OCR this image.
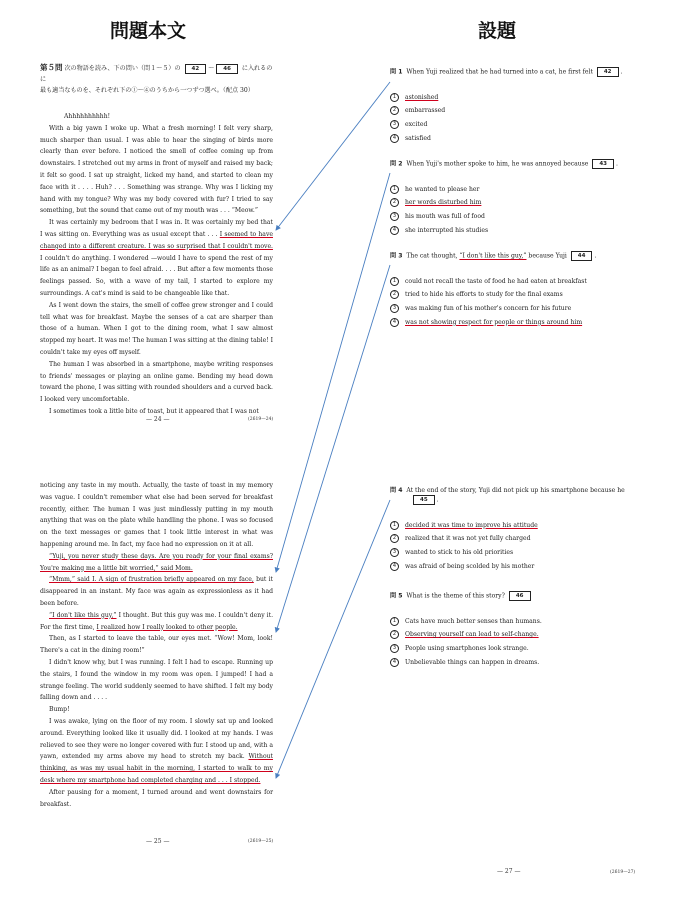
問題本文	設題
第５問 次の物語を読み、下の問い（問１～５）の 42 ～ 46 に入れるのに
最も適当なものを、それぞれ下の①～④のうちから一つずつ選べ。（配点 30）

Ahhhhhhhhhh!

With a big yawn I woke up. What a fresh morning! I felt very sharp, much sharper than usual. I was able to hear the singing of birds more clearly than ever before. I noticed the smell of coffee coming up from downstairs. I stretched out my arms in front of myself and raised my back; it felt so good. I sat up straight, licked my hand, and started to clean my face with it . . . . Huh? . . . Something was strange. Why was I licking my hand with my tongue? Why was my body covered with fur? I tried to say something, but the sound that came out of my mouth was . . . “Meow.”

It was certainly my bedroom that I was in. It was certainly my bed that I was sitting on. Everything was as usual except that . . . I seemed to have changed into a different creature. I was so surprised that I couldn't move. I couldn't do anything. I wondered —would I have to spend the rest of my life as an animal? I began to feel afraid. . . . But after a few moments those feelings passed. So, with a wave of my tail, I started to explore my surroundings. A cat's mind is said to be changeable like that.

As I went down the stairs, the smell of coffee grew stronger and I could tell what was for breakfast. Maybe the senses of a cat are sharper than those of a human. When I got to the dining room, what I saw almost stopped my heart. It was me! The human I was sitting at the dining table! I couldn't take my eyes off myself.

The human I was absorbed in a smartphone, maybe writing responses to friends' messages or playing an online game. Bending my head down toward the phone, I was sitting with rounded shoulders and a curved back. I looked very uncomfortable.

I sometimes took a little bite of toast, but it appeared that I was not

— 24 —	(2619—24)

noticing any taste in my mouth. Actually, the taste of toast in my memory was vague. I couldn't remember what else had been served for breakfast recently, either. The human I was just mindlessly putting in my mouth anything that was on the plate while handling the phone. I was so focused on the text messages or games that I took little interest in what was happening around me. In fact, my face had no expression on it at all.

“Yuji, you never study these days. Are you ready for your final exams? You're making me a little bit worried,” said Mom.

“Mmm,” said I. A sign of frustration briefly appeared on my face, but it disappeared in an instant. My face was again as expressionless as it had been before.

“I don't like this guy,” I thought. But this guy was me. I couldn't deny it. For the first time, I realized how I really looked to other people.

Then, as I started to leave the table, our eyes met. “Wow! Mom, look! There's a cat in the dining room!”

I didn't know why, but I was running. I felt I had to escape. Running up the stairs, I found the window in my room was open. I jumped! I had a strange feeling. The world suddenly seemed to have shifted. I felt my body falling down and . . . .

Bump!

I was awake, lying on the floor of my room. I slowly sat up and looked around. Everything looked like it usually did. I looked at my hands. I was relieved to see they were no longer covered with fur. I stood up and, with a yawn, extended my arms above my head to stretch my back. Without thinking, as was my usual habit in the morning, I started to walk to my desk where my smartphone had completed charging and . . . I stopped.

After pausing for a moment, I turned around and went downstairs for breakfast.

— 25 —	(2619—25)
問 1 When Yuji realized that he had turned into a cat, he first felt 42 .
1 astonished
2 embarrassed
3 excited
4 satisfied
問 2 When Yuji's mother spoke to him, he was annoyed because 43 .
1 he wanted to please her
2 her words disturbed him
3 his mouth was full of food
4 she interrupted his studies
問 3 The cat thought, “I don't like this guy,” because Yuji 44 .
1 could not recall the taste of food he had eaten at breakfast
2 tried to hide his efforts to study for the final exams
3 was making fun of his mother's concern for his future
4 was not showing respect for people or things around him
問 4 At the end of the story, Yuji did not pick up his smartphone because he
45 .
1 decided it was time to improve his attitude
2 realized that it was not yet fully charged
3 wanted to stick to his old priorities
4 was afraid of being scolded by his mother
問 5 What is the theme of this story? 46
1 Cats have much better senses than humans.
2 Observing yourself can lead to self-change.
3 People using smartphones look strange.
4 Unbelievable things can happen in dreams.
— 27 —	(2619—27)
